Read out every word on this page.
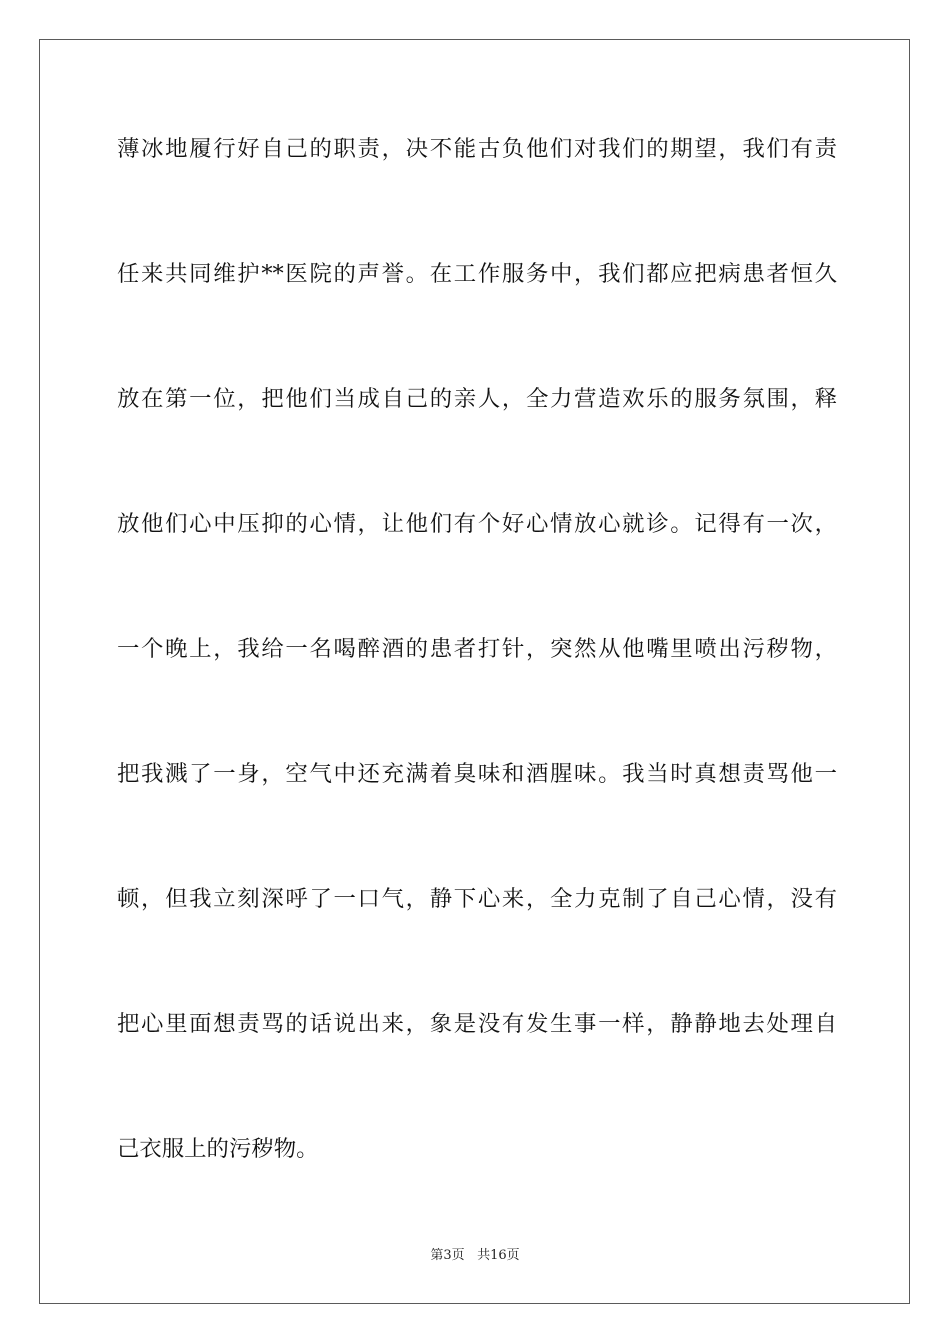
薄冰地履行好自己的职责，决不能古负他们对我们的期望，我们有责
任来共同维护**医院的声誉。在工作服务中，我们都应把病患者恒久
放在第一位，把他们当成自己的亲人，全力营造欢乐的服务氛围，释
放他们心中压抑的心情，让他们有个好心情放心就诊。记得有一次，
一个晚上，我给一名喝醉酒的患者打针，突然从他嘴里喷出污秽物，
把我溅了一身，空气中还充满着臭味和酒腥味。我当时真想责骂他一
顿，但我立刻深呼了一口气，静下心来，全力克制了自己心情，没有
把心里面想责骂的话说出来，象是没有发生事一样，静静地去处理自
己衣服上的污秽物。
第3页 共16页
